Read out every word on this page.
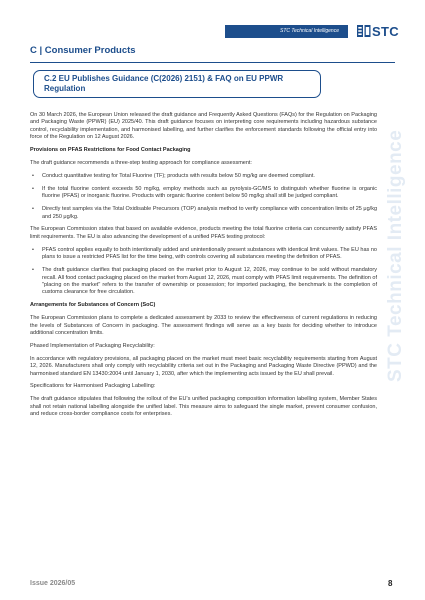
STC Technical Intelligence	STC
C | Consumer Products
C.2 EU Publishes Guidance (C(2026) 2151) & FAQ on EU PPWR Regulation
STC Technical Intelligence

On 30 March 2026, the European Union released the draft guidance and Frequently Asked Questions (FAQs) for the Regulation on Packaging and Packaging Waste (PPWR) (EU) 2025/40. This draft guidance focuses on interpreting core requirements including hazardous substance control, recyclability implementation, and harmonised labelling, and further clarifies the enforcement standards following the official entry into force of the Regulation on 12 August 2026.

Provisions on PFAS Restrictions for Food Contact Packaging

The draft guidance recommends a three-step testing approach for compliance assessment:

• Conduct quantitative testing for Total Fluorine (TF); products with results below 50 mg/kg are deemed compliant.
• If the total fluorine content exceeds 50 mg/kg, employ methods such as pyrolysis-GC/MS to distinguish whether fluorine is organic fluorine (PFAS) or inorganic fluorine. Products with organic fluorine content below 50 mg/kg shall still be judged compliant.
• Directly test samples via the Total Oxidisable Precursors (TOP) analysis method to verify compliance with concentration limits of 25 μg/kg and 250 μg/kg.

The European Commission states that based on available evidence, products meeting the total fluorine criteria can concurrently satisfy PFAS limit requirements. The EU is also advancing the development of a unified PFAS testing protocol:

• PFAS control applies equally to both intentionally added and unintentionally present substances with identical limit values. The EU has no plans to issue a restricted PFAS list for the time being, with controls covering all substances meeting the definition of PFAS.
• The draft guidance clarifies that packaging placed on the market prior to August 12, 2026, may continue to be sold without mandatory recall. All food contact packaging placed on the market from August 12, 2026, must comply with PFAS limit requirements. The definition of "placing on the market" refers to the transfer of ownership or possession; for imported packaging, the benchmark is the completion of customs clearance for free circulation.

Arrangements for Substances of Concern (SoC)

The European Commission plans to complete a dedicated assessment by 2033 to review the effectiveness of current regulations in reducing the levels of Substances of Concern in packaging. The assessment findings will serve as a key basis for deciding whether to introduce additional concentration limits.

Phased Implementation of Packaging Recyclability:

In accordance with regulatory provisions, all packaging placed on the market must meet basic recyclability requirements starting from August 12, 2026. Manufacturers shall only comply with recyclability criteria set out in the Packaging and Packaging Waste Directive (PPWD) and the harmonised standard EN 13430:2004 until January 1, 2030, after which the implementing acts issued by the EU shall prevail.

Specifications for Harmonised Packaging Labelling:

The draft guidance stipulates that following the rollout of the EU's unified packaging composition information labelling system, Member States shall not retain national labelling alongside the unified label. This measure aims to safeguard the single market, prevent consumer confusion, and reduce cross-border compliance costs for enterprises.

Issue 2026/05	8
